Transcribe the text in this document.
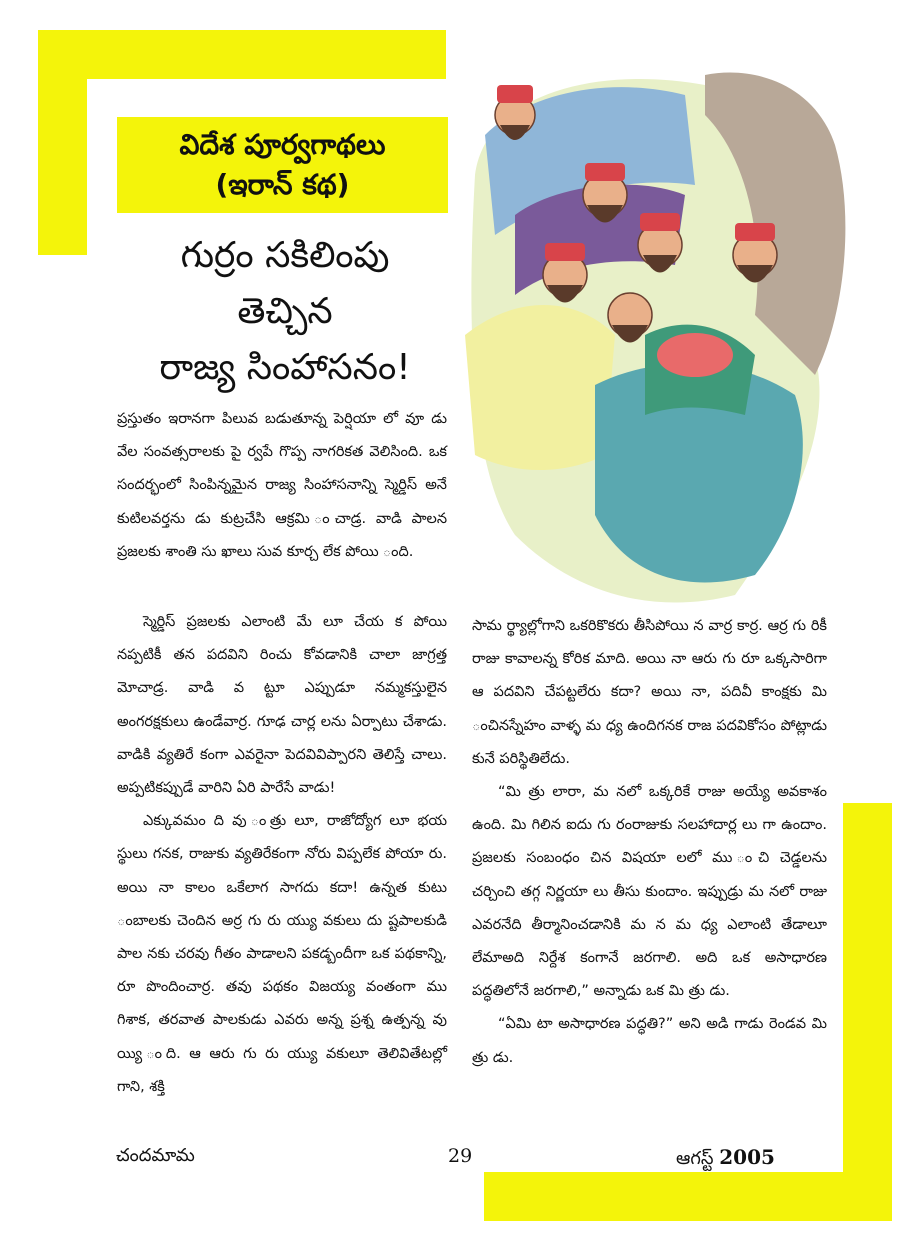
విదేశ పూర్వగాథలు
(ఇరాన్ కథ)
గుర్రం సకిలింపు
తెచ్చిన
రాజ్య సింహాసనం!

ప్రస్తుతం ఇరానగా పిలువ బడుతూన్న పెర్షియా లో వూ డు వేల సంవత్సరాలకు పై ర్వపే గొప్ప నాగరికత వెలిసింది. ఒక సందర్భంలో సింపిన్నమైన రాజ్య సింహాసనాన్ని స్మెర్డిస్ అనే కుటిలవర్తను డు కుట్రచేసి ఆక్రమి ంచాడ్ర. వాడి పాలన ప్రజలకు శాంతి సు ఖాలు సువ కూర్చ లేక పోయి ంది.

స్మెర్డిస్ ప్రజలకు ఎలాంటి మే లూ చేయ క పోయి నప్పటికీ తన పదవిని రించు కోవడానికి చాలా జాగ్రత్త మోచాడ్ర. వాడి వ ట్టూ ఎప్పుడూ నమ్మకస్తులైన అంగరక్షకులు ఉండేవార్ర. గూఢ చార్ల లను ఏర్పాటు చేశాడు. వాడికి వ్యతిరే కంగా ఎవరైనా పెదవివిప్పారని తెలిస్తే చాలు. అప్పటికప్పుడే వారిని ఏరి పారేసే వాడు!

ఎక్కువమం ది వు ంత్రు లూ, రాజోద్యోగ లూ భయ స్థులు గనక, రాజుకు వ్యతిరేకంగా నోరు విప్పలేక పోయా రు. అయి నా కాలం ఒకేలాగ సాగదు కదా! ఉన్నత కుటు ంబాలకు చెందిన అర్ర గు రు య్యు వకులు దు ష్టపాలకుడి పాల నకు చరవు గీతం పాడాలని పకడ్బందీగా ఒక పథకాన్ని, రూ పొందించార్ర. తవు పథకం విజయ్య వంతంగా ము గిశాక, తరవాత పాలకుడు ఎవరు అన్న ప్రశ్న ఉత్పన్న వు య్యి ంది. ఆ ఆరు గు రు య్యు వకులూ తెలివితేటల్లో గాని, శక్తి

సామ ర్థ్యాల్లోగాని ఒకరికొకరు తీసిపోయి న వార్ర కార్ర. ఆర్ర గు రికీ రాజు కావాలన్న కోరిక మాది. అయి నా ఆరు గు రూ ఒక్కసారిగా ఆ పదవిని చేపట్టలేరు కదా? అయి నా, పదివీ కాంక్షకు మి ంచినస్నేహం వాళ్ళ మ ధ్య ఉందిగనక రాజ పదవికోసం పోట్లాడు కునే పరిస్థితిలేదు.

“మి త్రు లారా, మ నలో ఒక్కరికే రాజు అయ్యే అవకాశం ఉంది. మి గిలిన ఐదు గు రంరాజుకు సలహాదార్ల లు గా ఉందాం. ప్రజలకు సంబంధం చిన విషయా లలో ము ంచి చెడ్డలను చర్చించి తగ్గ నిర్ణయా లు తీసు కుందాం. ఇప్పుడ్రు మ నలో రాజు ఎవరనేది తీర్మానించడానికి మ న మ ధ్య ఎలాంటి తేడాలూ లేమాఅది నిర్దేశ కంగానే జరగాలి. అది ఒక అసాధారణ పద్ధతిలోనే జరగాలి,” అన్నాడు ఒక మి త్రు డు.

“ఏమి టా అసాధారణ పద్ధతి?” అని అడి గాడు రెండవ మి త్రు డు.

చందమామ	29	ఆగస్ట్ 2005
